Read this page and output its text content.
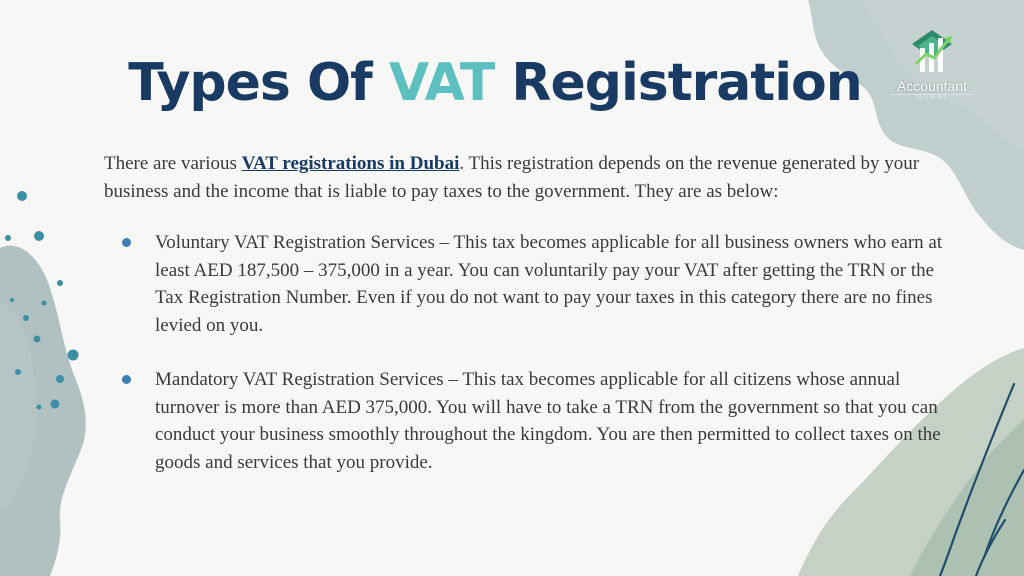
Types Of VAT Registration	Accountant
DUBAI

There are various VAT registrations in Dubai. This registration depends on the revenue generated by your business and the income that is liable to pay taxes to the government. They are as below:

Voluntary VAT Registration Services – This tax becomes applicable for all business owners who earn at least AED 187,500 – 375,000 in a year. You can voluntarily pay your VAT after getting the TRN or the Tax Registration Number. Even if you do not want to pay your taxes in this category there are no fines levied on you.
Mandatory VAT Registration Services – This tax becomes applicable for all citizens whose annual turnover is more than AED 375,000. You will have to take a TRN from the government so that you can conduct your business smoothly throughout the kingdom. You are then permitted to collect taxes on the goods and services that you provide.
